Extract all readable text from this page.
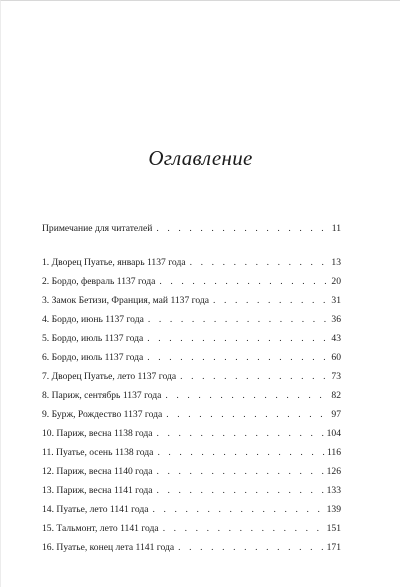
Оглавление
Примечание для читателей . . .	11
1. Дворец Пуатье, январь 1137 года . . .	13
2. Бордо, февраль 1137 года . . .	20
3. Замок Бетизи, Франция, май 1137 года . . .	31
4. Бордо, июнь 1137 года . . .	36
5. Бордо, июль 1137 года . . .	43
6. Бордо, июль 1137 года . . .	60
7. Дворец Пуатье, лето 1137 года . . .	73
8. Париж, сентябрь 1137 года . . .	82
9. Бурж, Рождество 1137 года . . .	97
10. Париж, весна 1138 года . . .	104
11. Пуатье, осень 1138 года . . .	116
12. Париж, весна 1140 года . . .	126
13. Париж, весна 1141 года . . .	133
14. Пуатье, лето 1141 года . . .	139
15. Тальмонт, лето 1141 года . . .	151
16. Пуатье, конец лета 1141 года . . .	171
